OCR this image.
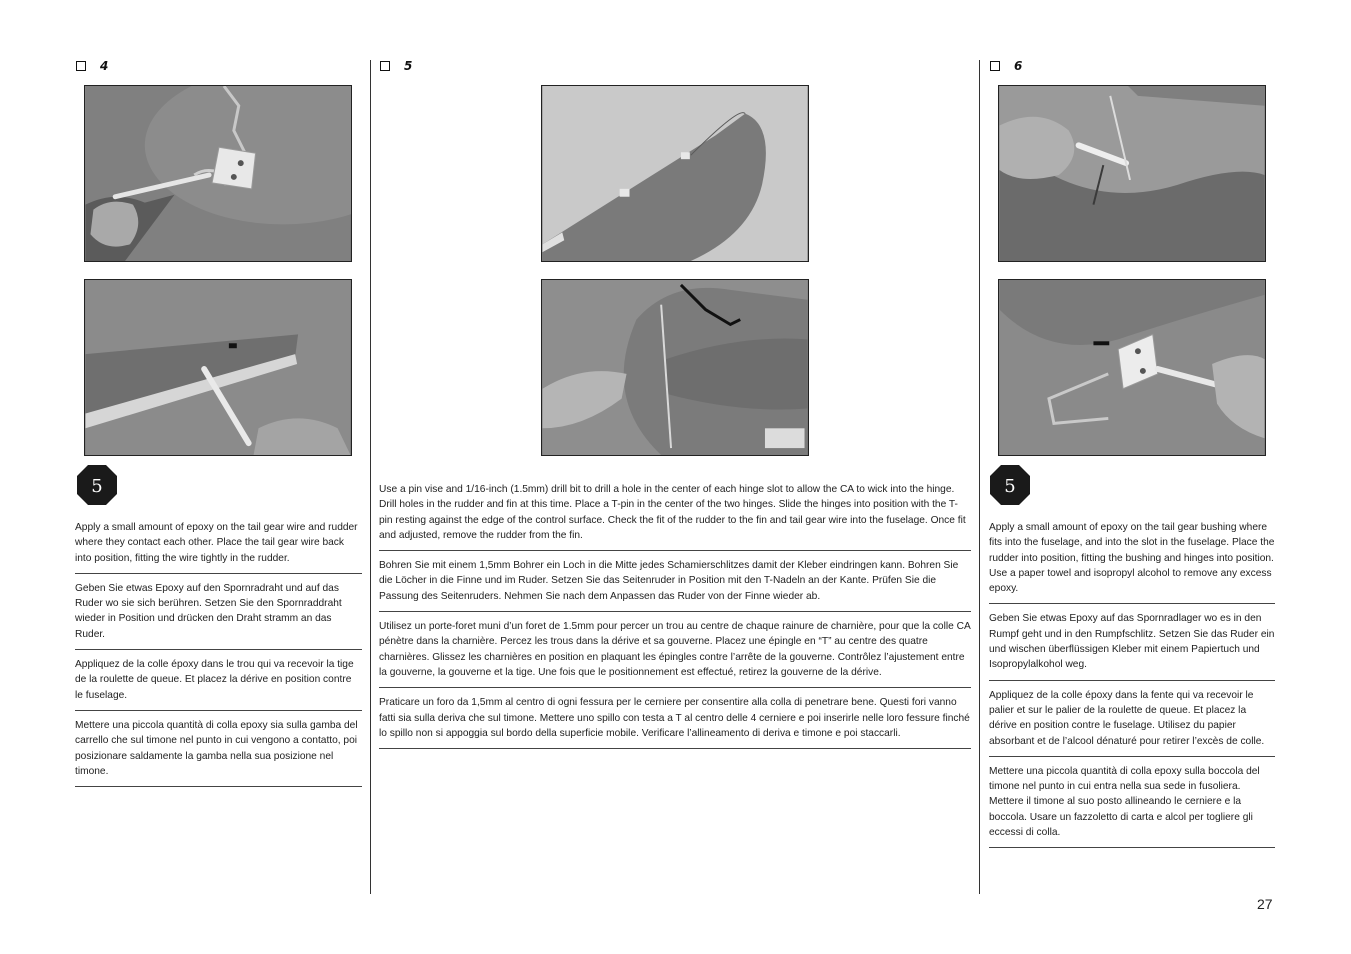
4
5

Apply a small amount of epoxy on the tail gear wire and rudder where they contact each other. Place the tail gear wire back into position, fitting the wire tightly in the rudder.

Geben Sie etwas Epoxy auf den Spornradraht und auf das Ruder wo sie sich berühren. Setzen Sie den Spornraddraht wieder in Position und drücken den Draht stramm an das Ruder.

Appliquez de la colle époxy dans le trou qui va recevoir la tige de la roulette de queue. Et placez la dérive en position contre le fuselage.

Mettere una piccola quantità di colla epoxy sia sulla gamba del carrello che sul timone nel punto in cui vengono a contatto, poi posizionare saldamente la gamba nella sua posizione nel timone.

5

Use a pin vise and 1/16-inch (1.5mm) drill bit to drill a hole in the center of each hinge slot to allow the CA to wick into the hinge. Drill holes in the rudder and fin at this time. Place a T-pin in the center of the two hinges. Slide the hinges into position with the T-pin resting against the edge of the control surface. Check the fit of the rudder to the fin and tail gear wire into the fuselage. Once fit and adjusted, remove the rudder from the fin.

Bohren Sie mit einem 1,5mm Bohrer ein Loch in die Mitte jedes Schamierschlitzes damit der Kleber eindringen kann. Bohren Sie die Löcher in die Finne und im Ruder. Setzen Sie das Seitenruder in Position mit den T-Nadeln an der Kante. Prüfen Sie die Passung des Seitenruders. Nehmen Sie nach dem Anpassen das Ruder von der Finne wieder ab.

Utilisez un porte-foret muni d’un foret de 1.5mm pour percer un trou au centre de chaque rainure de charnière, pour que la colle CA pénètre dans la charnière. Percez les trous dans la dérive et sa gouverne. Placez une épingle en “T” au centre des quatre charnières. Glissez les charnières en position en plaquant les épingles contre l’arrête de la gouverne. Contrôlez l’ajustement entre la gouverne, la gouverne et la tige. Une fois que le positionnement est effectué, retirez la gouverne de la dérive.

Praticare un foro da 1,5mm al centro di ogni fessura per le cerniere per consentire alla colla di penetrare bene. Questi fori vanno fatti sia sulla deriva che sul timone. Mettere uno spillo con testa a T al centro delle 4 cerniere e poi inserirle nelle loro fessure finché lo spillo non si appoggia sul bordo della superficie mobile. Verificare l’allineamento di deriva e timone e poi staccarli.

6
5

Apply a small amount of epoxy on the tail gear bushing where fits into the fuselage, and into the slot in the fuselage. Place the rudder into position, fitting the bushing and hinges into position. Use a paper towel and isopropyl alcohol to remove any excess epoxy.

Geben Sie etwas Epoxy auf das Spornradlager wo es in den Rumpf geht und in den Rumpfschlitz. Setzen Sie das Ruder ein und wischen überflüssigen Kleber mit einem Papiertuch und Isopropylalkohol weg.

Appliquez de la colle époxy dans la fente qui va recevoir le palier et sur le palier de la roulette de queue. Et placez la dérive en position contre le fuselage. Utilisez du papier absorbant et de l’alcool dénaturé pour retirer l’excès de colle.

Mettere una piccola quantità di colla epoxy sulla boccola del timone nel punto in cui entra nella sua sede in fusoliera. Mettere il timone al suo posto allineando le cerniere e la boccola. Usare un fazzoletto di carta e alcol per togliere gli eccessi di colla.

27
